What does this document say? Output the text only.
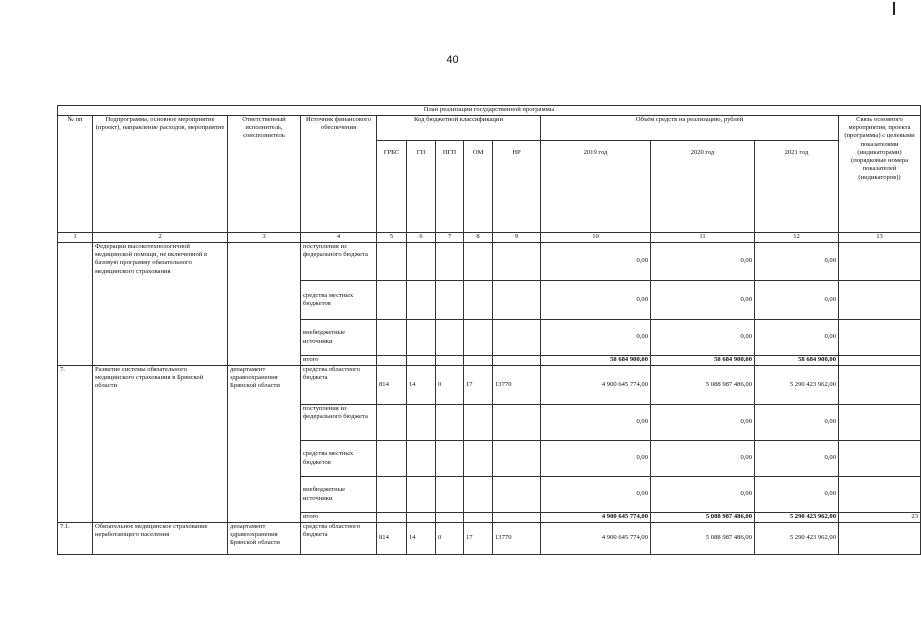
40
План реализации государственной программы												
№ пп	Подпрограмма, основное мероприятие (проект), направление расходов, мероприятие	Ответственный исполнитель, соисполнитель	Источник финансового обеспечения	Код бюджетной классификации					Объём средств на реализацию, рублей			Связь основного мероприятия, проекта (программы) с целевыми показателями (индикаторами) (порядковые номера показателей (индикаторов))
				ГРБС	ГП	ПГП	ОМ	НР	2019 год	2020 год	2021 год	
1	2	3	4	5	6	7	8	9	10	11	12	13
	Федерации высокотехнологичной медицинской помощи, не включенной в базовую программу обязательного медицинского страхования		поступления из федерального бюджета						0,00	0,00	0,00	
			средства местных бюджетов						0,00	0,00	0,00	
			внебюджетные источники						0,00	0,00	0,00	
			итого						58 684 900,00	58 684 900,00	58 684 900,00	
7.	Развитие системы обязательного медицинского страхования в Брянской области	департамент здравоохранения Брянской области	средства областного бюджета	814	14	0	17	13770	4 900 645 774,00	5 088 987 486,00	5 290 423 962,00	
			поступления из федерального бюджета						0,00	0,00	0,00	
			средства местных бюджетов						0,00	0,00	0,00	
			внебюджетные источники						0,00	0,00	0,00	
			итого						4 900 645 774,00	5 088 987 486,00	5 290 423 962,00	23
7.1.	Обязательное медицинское страхование неработающего населения	департамент здравоохранения Брянской области	средства областного бюджета	814	14	0	17	13770	4 900 645 774,00	5 088 987 486,00	5 290 423 962,00	
